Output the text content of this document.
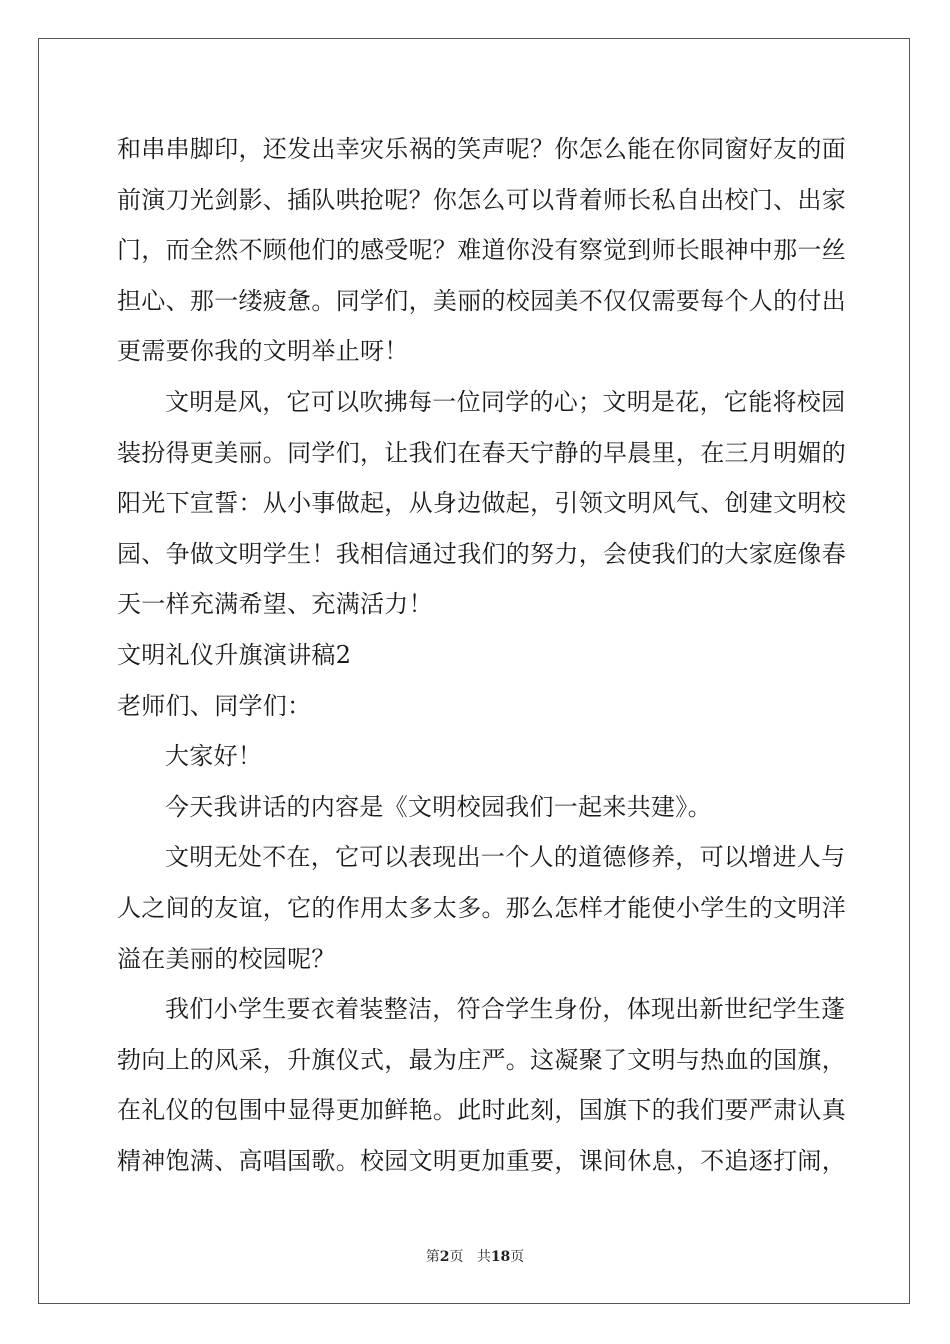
和串串脚印，还发出幸灾乐祸的笑声呢？你怎么能在你同窗好友的面
前演刀光剑影、插队哄抢呢？你怎么可以背着师长私自出校门、出家
门，而全然不顾他们的感受呢？难道你没有察觉到师长眼神中那一丝
担心、那一缕疲惫。同学们，美丽的校园美不仅仅需要每个人的付出
更需要你我的文明举止呀！
文明是风，它可以吹拂每一位同学的心；文明是花，它能将校园
装扮得更美丽。同学们，让我们在春天宁静的早晨里，在三月明媚的
阳光下宣誓：从小事做起，从身边做起，引领文明风气、创建文明校
园、争做文明学生！我相信通过我们的努力，会使我们的大家庭像春
天一样充满希望、充满活力！
文明礼仪升旗演讲稿2
老师们、同学们：
大家好！
今天我讲话的内容是《文明校园我们一起来共建》。
文明无处不在，它可以表现出一个人的道德修养，可以增进人与
人之间的友谊，它的作用太多太多。那么怎样才能使小学生的文明洋
溢在美丽的校园呢？
我们小学生要衣着装整洁，符合学生身份，体现出新世纪学生蓬
勃向上的风采，升旗仪式，最为庄严。这凝聚了文明与热血的国旗，
在礼仪的包围中显得更加鲜艳。此时此刻，国旗下的我们要严肃认真
精神饱满、高唱国歌。校园文明更加重要，课间休息，不追逐打闹，
第2页 共18页
